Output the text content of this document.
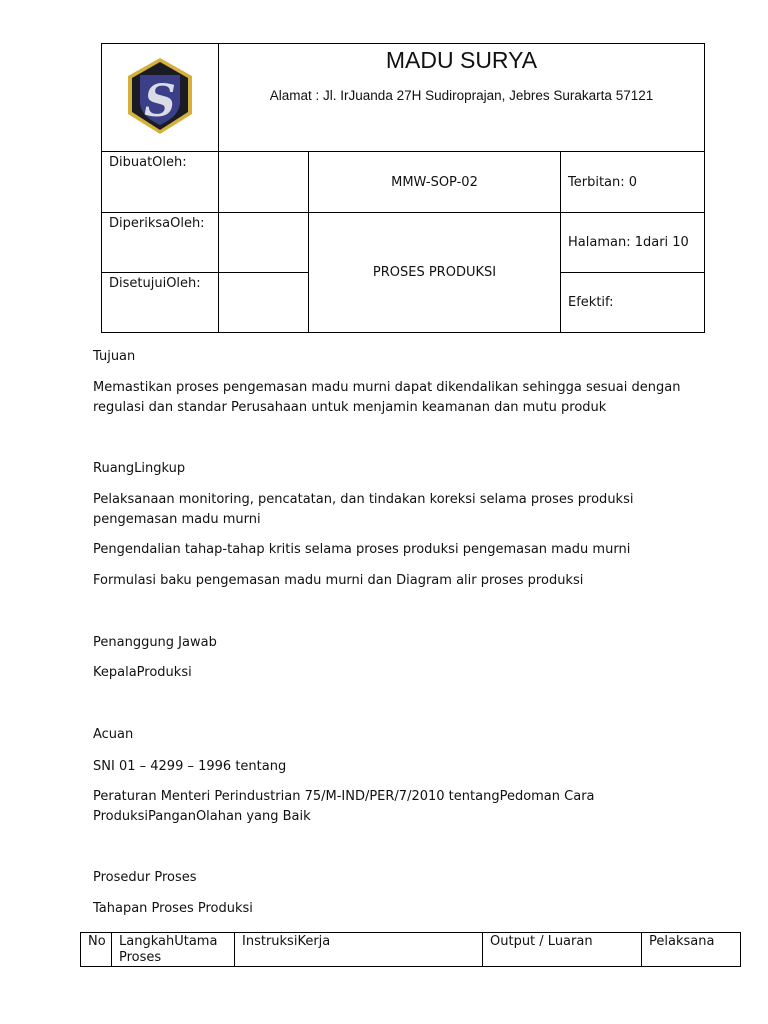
S	MADU SURYA
Alamat : Jl. IrJuanda 27H Sudiroprajan, Jebres Surakarta 57121		

DibuatOleh:		MMW-SOP-02	Terbitan: 0
DiperiksaOleh:		PROSES PRODUKSI	Halaman: 1dari 10
DisetujuiOleh:			Efektif:

Tujuan

Memastikan proses pengemasan madu murni dapat dikendalikan sehingga sesuai dengan regulasi dan standar Perusahaan untuk menjamin keamanan dan mutu produk

RuangLingkup

Pelaksanaan monitoring, pencatatan, dan tindakan koreksi selama proses produksi pengemasan madu murni

Pengendalian tahap-tahap kritis selama proses produksi pengemasan madu murni

Formulasi baku pengemasan madu murni dan Diagram alir proses produksi

Penanggung Jawab

KepalaProduksi

Acuan

SNI 01 – 4299 – 1996 tentang

Peraturan Menteri Perindustrian 75/M-IND/PER/7/2010 tentangPedoman Cara ProduksiPanganOlahan yang Baik

Prosedur Proses

Tahapan Proses Produksi

No	LangkahUtama Proses	InstruksiKerja	Output / Luaran	Pelaksana
